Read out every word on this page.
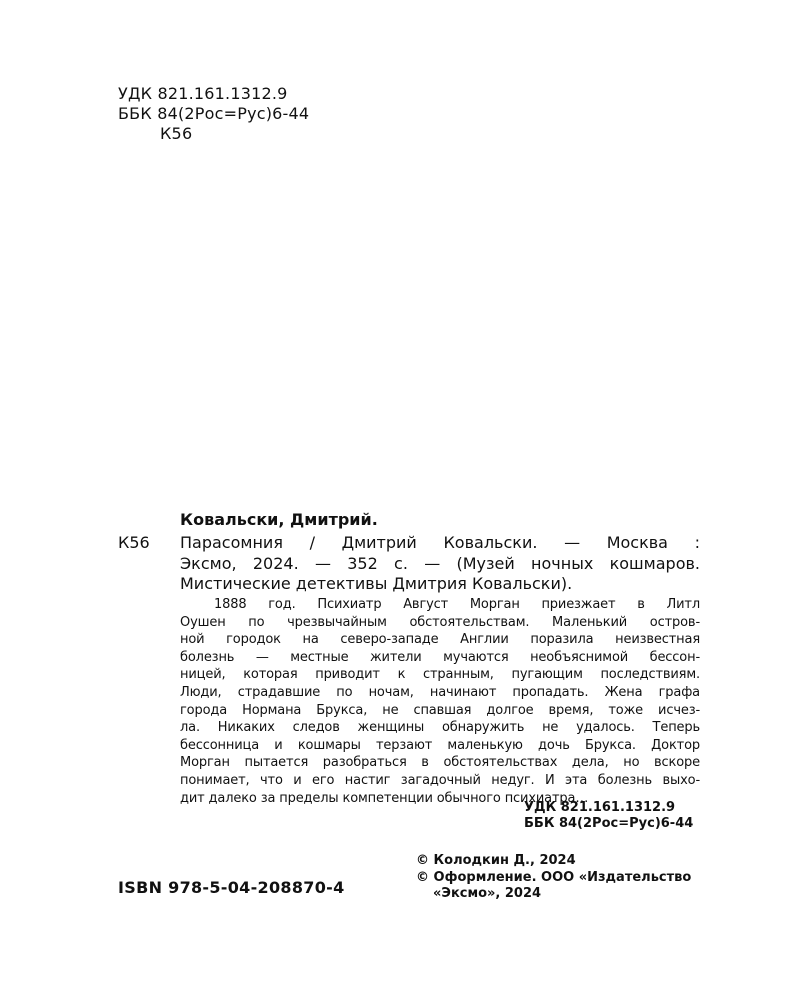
УДК 821.161.1312.9
ББК 84(2Рос=Рус)6-44
К56
Ковальски, Дмитрий.
К56 Парасомния / Дмитрий Ковальски. — Москва :
Эксмо, 2024. — 352 с. — (Музей ночных кошмаров.
Мистические детективы Дмитрия Ковальски).
1888 год. Психиатр Август Морган приезжает в Литл
Оушен по чрезвычайным обстоятельствам. Маленький остров-
ной городок на северо-западе Англии поразила неизвестная
болезнь — местные жители мучаются необъяснимой бессон-
ницей, которая приводит к странным, пугающим последствиям.
Люди, страдавшие по ночам, начинают пропадать. Жена графа
города Нормана Брукса, не спавшая долгое время, тоже исчез-
ла. Никаких следов женщины обнаружить не удалось. Теперь
бессонница и кошмары терзают маленькую дочь Брукса. Доктор
Морган пытается разобраться в обстоятельствах дела, но вскоре
понимает, что и его настиг загадочный недуг. И эта болезнь выхо-
дит далеко за пределы компетенции обычного психиатра…
УДК 821.161.1312.9
ББК 84(2Рос=Рус)6-44
ISBN 978-5-04-208870-4
© Колодкин Д., 2024
© Оформление. ООО «Издательство
«Эксмо», 2024
